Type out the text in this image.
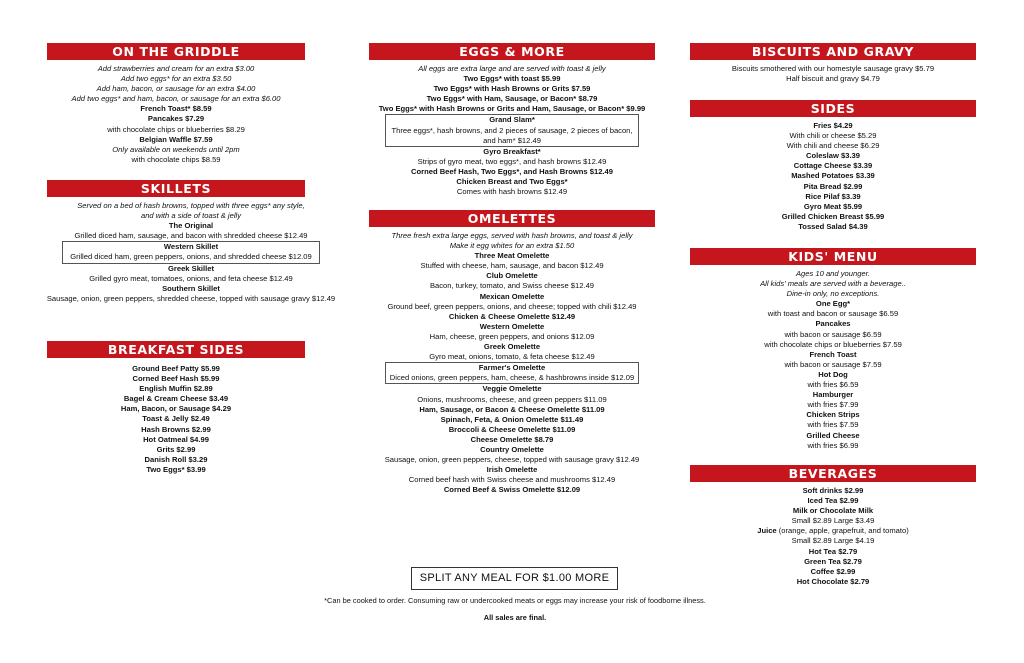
ON THE GRIDDLE
Add strawberries and cream for an extra $3.00
Add two eggs* for an extra $3.50
Add ham, bacon, or sausage for an extra $4.00
Add two eggs* and ham, bacon, or sausage for an extra $6.00
French Toast* $8.59
Pancakes $7.29
with chocolate chips or blueberries $8.29
Belgian Waffle $7.59
Only available on weekends until 2pm
with chocolate chips $8.59
SKILLETS
Served on a bed of hash browns, topped with three eggs* any style,
and with a side of toast & jelly
The Original
Grilled diced ham, sausage, and bacon with shredded cheese $12.49
Western Skillet
Grilled diced ham, green peppers, onions, and shredded cheese $12.09
Greek Skillet
Grilled gyro meat, tomatoes, onions, and feta cheese $12.49
Southern Skillet
Sausage, onion, green peppers, shredded cheese, topped with sausage gravy $12.49
BREAKFAST SIDES
Ground Beef Patty $5.99
Corned Beef Hash $5.99
English Muffin $2.89
Bagel & Cream Cheese $3.49
Ham, Bacon, or Sausage $4.29
Toast & Jelly $2.49
Hash Browns $2.99
Hot Oatmeal $4.99
Grits $2.99
Danish Roll $3.29
Two Eggs* $3.99
EGGS & MORE
All eggs are extra large and are served with toast & jelly
Two Eggs* with toast $5.99
Two Eggs* with Hash Browns or Grits $7.59
Two Eggs* with Ham, Sausage, or Bacon* $8.79
Two Eggs* with Hash Browns or Grits and Ham, Sausage, or Bacon* $9.99
Grand Slam*
Three eggs*, hash browns, and 2 pieces of sausage, 2 pieces of bacon, and ham* $12.49
Gyro Breakfast*
Strips of gyro meat, two eggs*, and hash browns $12.49
Corned Beef Hash, Two Eggs*, and Hash Browns $12.49
Chicken Breast and Two Eggs*
Comes with hash browns $12.49
OMELETTES
Three fresh extra large eggs, served with hash browns, and toast & jelly
Make it egg whites for an extra $1.50
Three Meat Omelette
Stuffed with cheese, ham, sausage, and bacon $12.49
Club Omelette
Bacon, turkey, tomato, and Swiss cheese $12.49
Mexican Omelette
Ground beef, green peppers, onions, and cheese; topped with chili $12.49
Chicken & Cheese Omelette $12.49
Western Omelette
Ham, cheese, green peppers, and onions $12.09
Greek Omelette
Gyro meat, onions, tomato, & feta cheese $12.49
Farmer's Omelette
Diced onions, green peppers, ham, cheese, & hashbrowns inside $12.09
Veggie Omelette
Onions, mushrooms, cheese, and green peppers $11.09
Ham, Sausage, or Bacon & Cheese Omelette $11.09
Spinach, Feta, & Onion Omelette $11.49
Broccoli & Cheese Omelette $11.09
Cheese Omelette $8.79
Country Omelette
Sausage, onion, green peppers, cheese, topped with sausage gravy $12.49
Irish Omelette
Corned beef hash with Swiss cheese and mushrooms $12.49
Corned Beef & Swiss Omelette $12.09
BISCUITS AND GRAVY
Biscuits smothered with our homestyle sausage gravy $5.79
Half biscuit and gravy $4.79
SIDES
Fries $4.29
With chili or cheese $5.29
With chili and cheese $6.29
Coleslaw $3.39
Cottage Cheese $3.39
Mashed Potatoes $3.39
Pita Bread $2.99
Rice Pilaf $3.39
Gyro Meat $5.99
Grilled Chicken Breast $5.99
Tossed Salad $4.39
KIDS' MENU
Ages 10 and younger.
All kids' meals are served with a beverage..
Dine-in only, no exceptions.
One Egg*
with toast and bacon or sausage $6.59
Pancakes
with bacon or sausage $6.59
with chocolate chips or blueberries $7.59
French Toast
with bacon or sausage $7.59
Hot Dog
with fries $6.59
Hamburger
with fries $7.99
Chicken Strips
with fries $7.59
Grilled Cheese
with fries $6.99
BEVERAGES
Soft drinks $2.99
Iced Tea $2.99
Milk or Chocolate Milk
Small $2.89 Large $3.49
Juice (orange, apple, grapefruit, and tomato)
Small $2.89 Large $4.19
Hot Tea $2.79
Green Tea $2.79
Coffee $2.99
Hot Chocolate $2.79
SPLIT ANY MEAL FOR $1.00 MORE
*Can be cooked to order. Consuming raw or undercooked meats or eggs may increase your risk of foodborne illness.
All sales are final.
